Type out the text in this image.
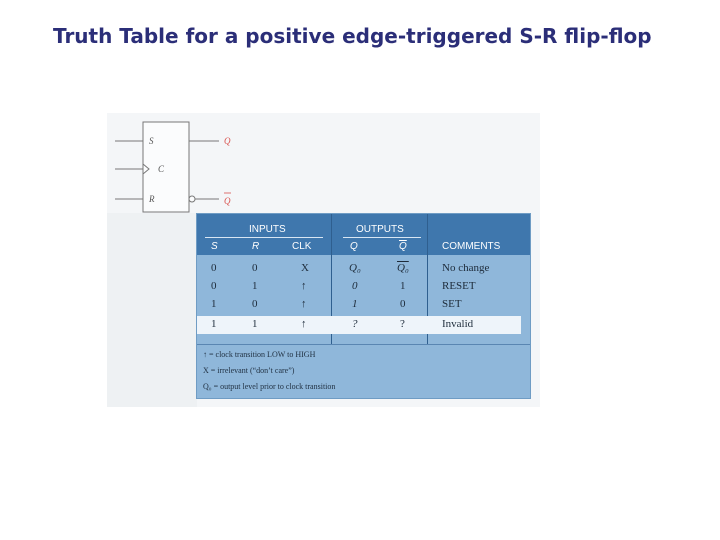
Truth Table for a positive edge-triggered S-R flip-flop
S
C
R
Q
Q
INPUTS	OUTPUTS
S	R	CLK	Q	$\overline{Q}$	COMMENTS
0	0	X	Q₀	Q₀	No change
0	1	↑	0	1	RESET
1	0	↑	1	0	SET
1	1	↑	?	?	Invalid
↑ = clock transition LOW to HIGH
X = irrelevant (“don’t care”)
Q₀ = output level prior to clock transition
